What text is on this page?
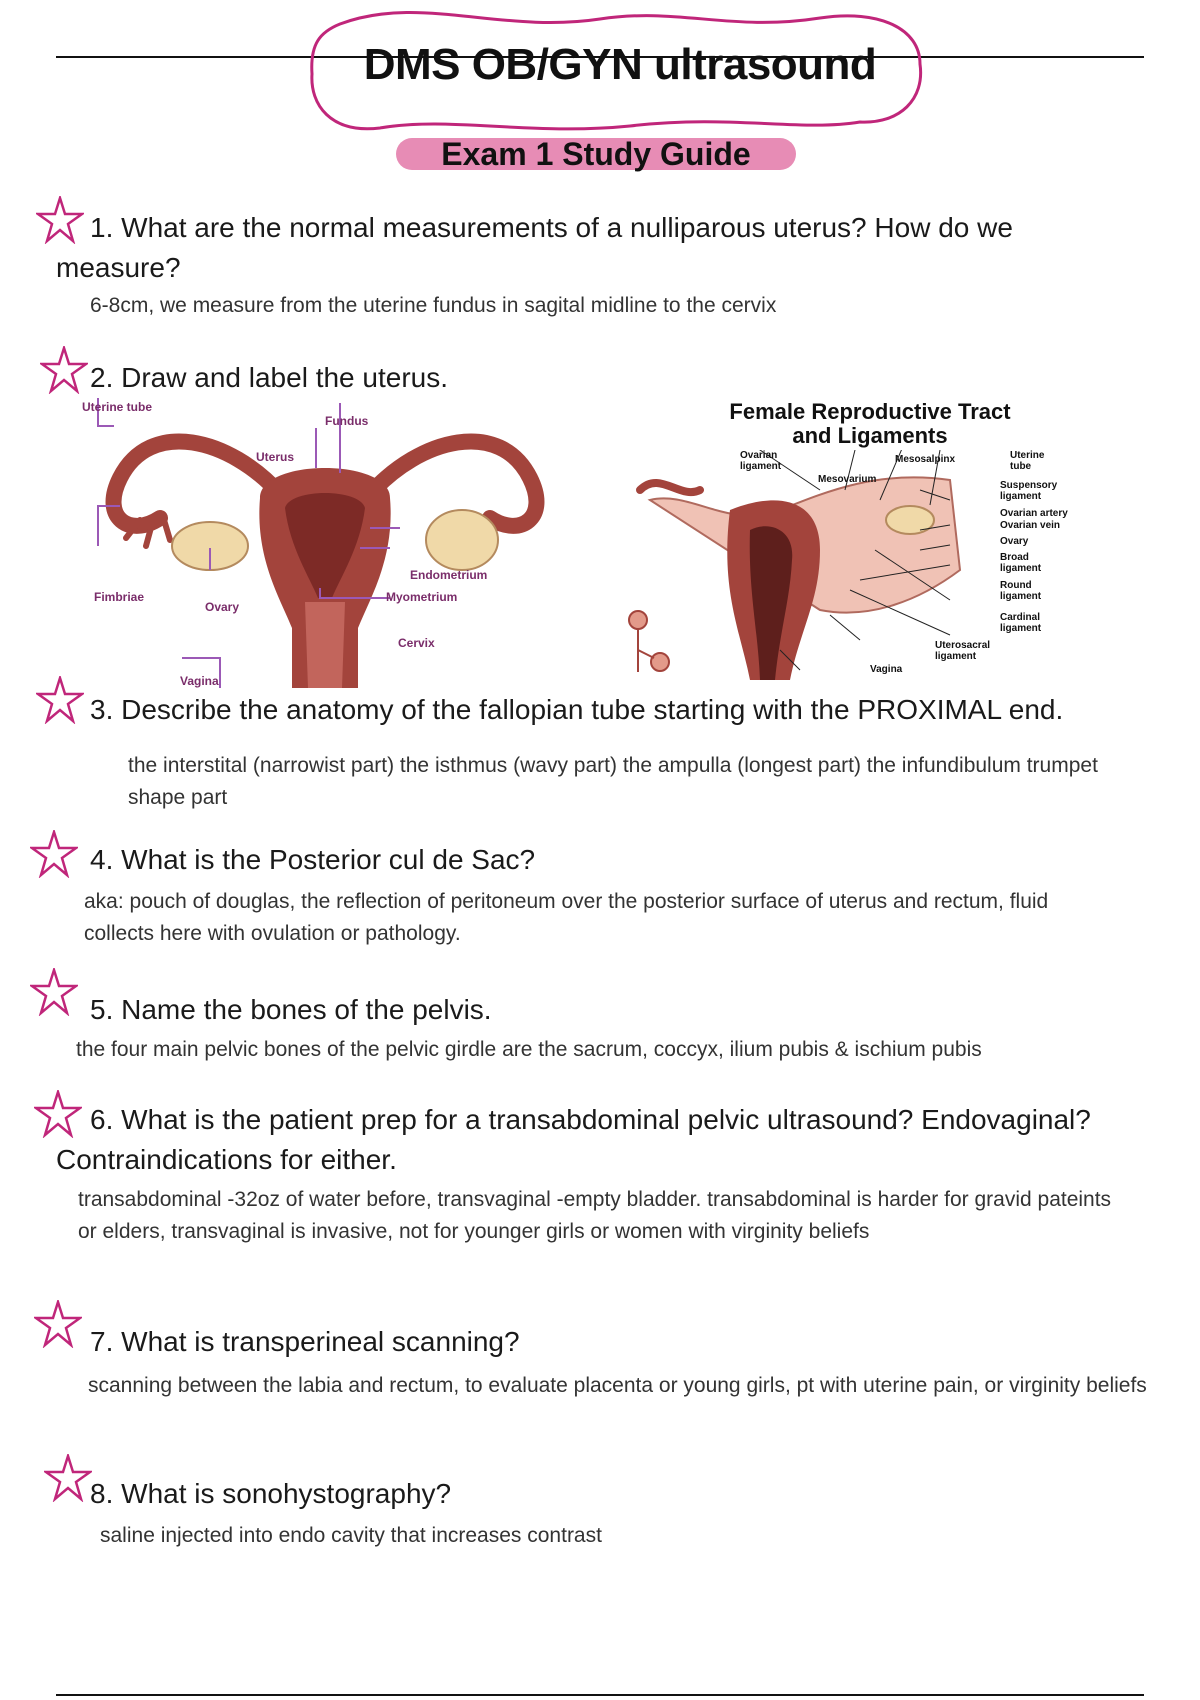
DMS OB/GYN ultrasound
Exam 1 Study Guide
1. What are the normal measurements of a nulliparous uterus? How do we measure?
6-8cm, we measure from the uterine fundus in sagital midline to the cervix
2. Draw and label the uterus.
Uterine tube
Fundus
Uterus
Endometrium
Myometrium
Fimbriae
Ovary
Cervix
Vagina
Female Reproductive Tract
and Ligaments
Ovarian ligament
Mesosalpinx
Mesovarium
Uterine tube
Suspensory ligament
Ovarian artery
Ovarian vein
Ovary
Broad ligament
Round ligament
Cardinal ligament
Uterosacral ligament
Vagina
3. Describe the anatomy of the fallopian tube starting with the PROXIMAL end.
the interstital (narrowist part) the isthmus (wavy part) the ampulla (longest part) the infundibulum trumpet shape part
4. What is the Posterior cul de Sac?
aka: pouch of douglas, the reflection of peritoneum over the posterior surface of uterus and rectum, fluid collects here with ovulation or pathology.
5. Name the bones of the pelvis.
the four main pelvic bones of the pelvic girdle are the sacrum, coccyx, ilium pubis & ischium pubis
6. What is the patient prep for a transabdominal pelvic ultrasound? Endovaginal? Contraindications for either.
transabdominal -32oz of water before, transvaginal -empty bladder. transabdominal is harder for gravid pateints or elders, transvaginal is invasive, not for younger girls or women with virginity beliefs
7. What is transperineal scanning?
scanning between the labia and rectum, to evaluate placenta or young girls, pt with uterine pain, or virginity beliefs
8. What is sonohystography?
saline injected into endo cavity that increases contrast
